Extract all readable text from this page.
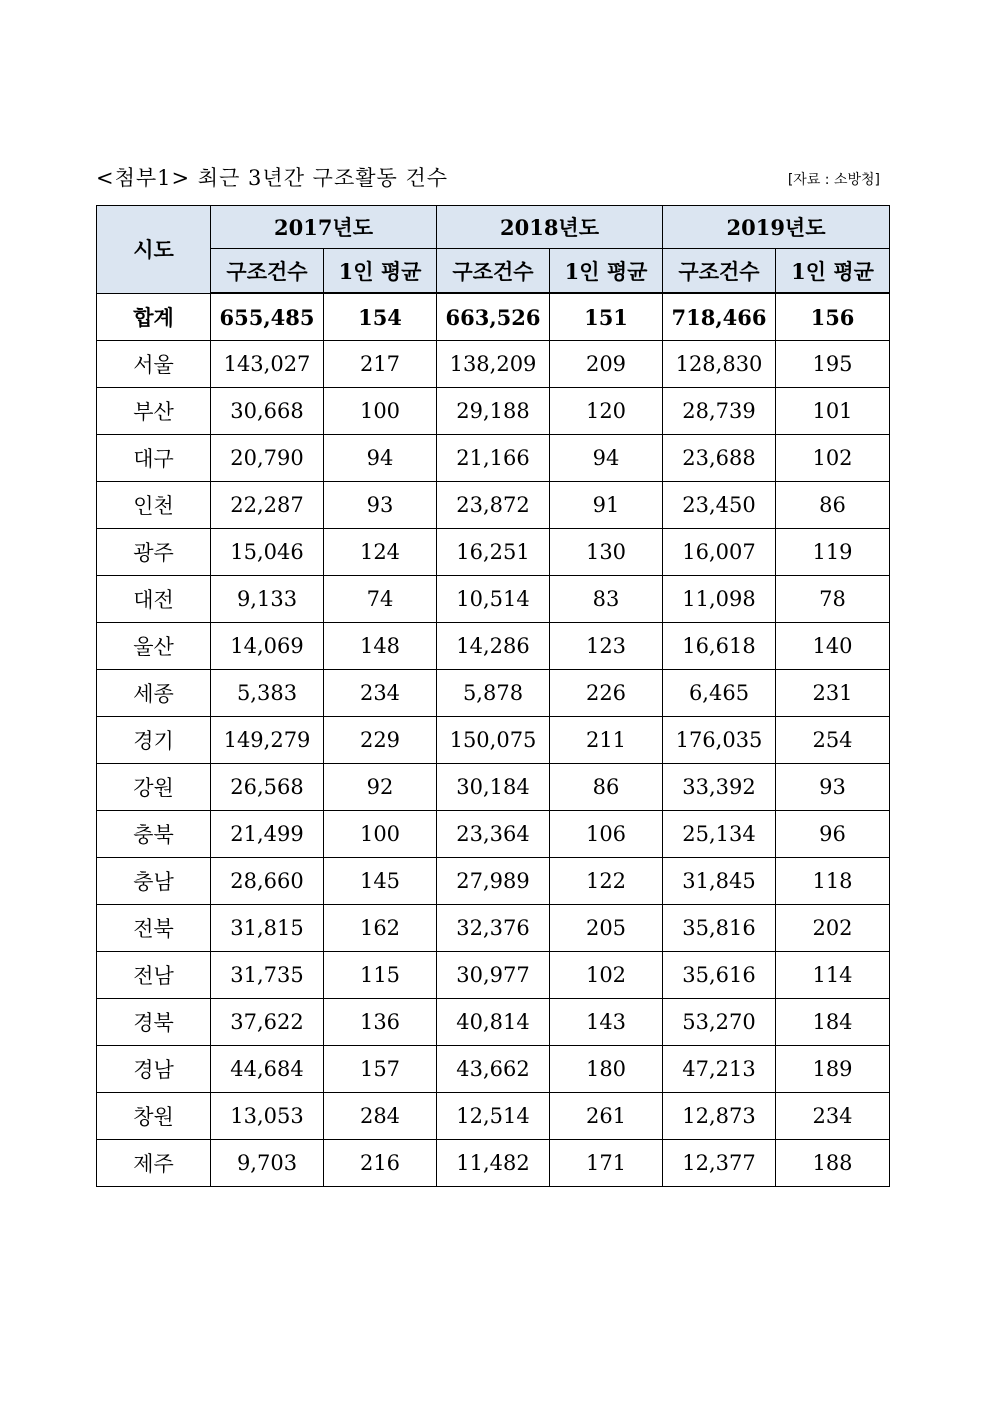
<첨부1> 최근 3년간 구조활동 건수	[자료 : 소방청]
시도	2017년도		2018년도		2019년도	
	구조건수	1인 평균	구조건수	1인 평균	구조건수	1인 평균
합계	655,485	154	663,526	151	718,466	156
서울	143,027	217	138,209	209	128,830	195
부산	30,668	100	29,188	120	28,739	101
대구	20,790	94	21,166	94	23,688	102
인천	22,287	93	23,872	91	23,450	86
광주	15,046	124	16,251	130	16,007	119
대전	9,133	74	10,514	83	11,098	78
울산	14,069	148	14,286	123	16,618	140
세종	5,383	234	5,878	226	6,465	231
경기	149,279	229	150,075	211	176,035	254
강원	26,568	92	30,184	86	33,392	93
충북	21,499	100	23,364	106	25,134	96
충남	28,660	145	27,989	122	31,845	118
전북	31,815	162	32,376	205	35,816	202
전남	31,735	115	30,977	102	35,616	114
경북	37,622	136	40,814	143	53,270	184
경남	44,684	157	43,662	180	47,213	189
창원	13,053	284	12,514	261	12,873	234
제주	9,703	216	11,482	171	12,377	188
